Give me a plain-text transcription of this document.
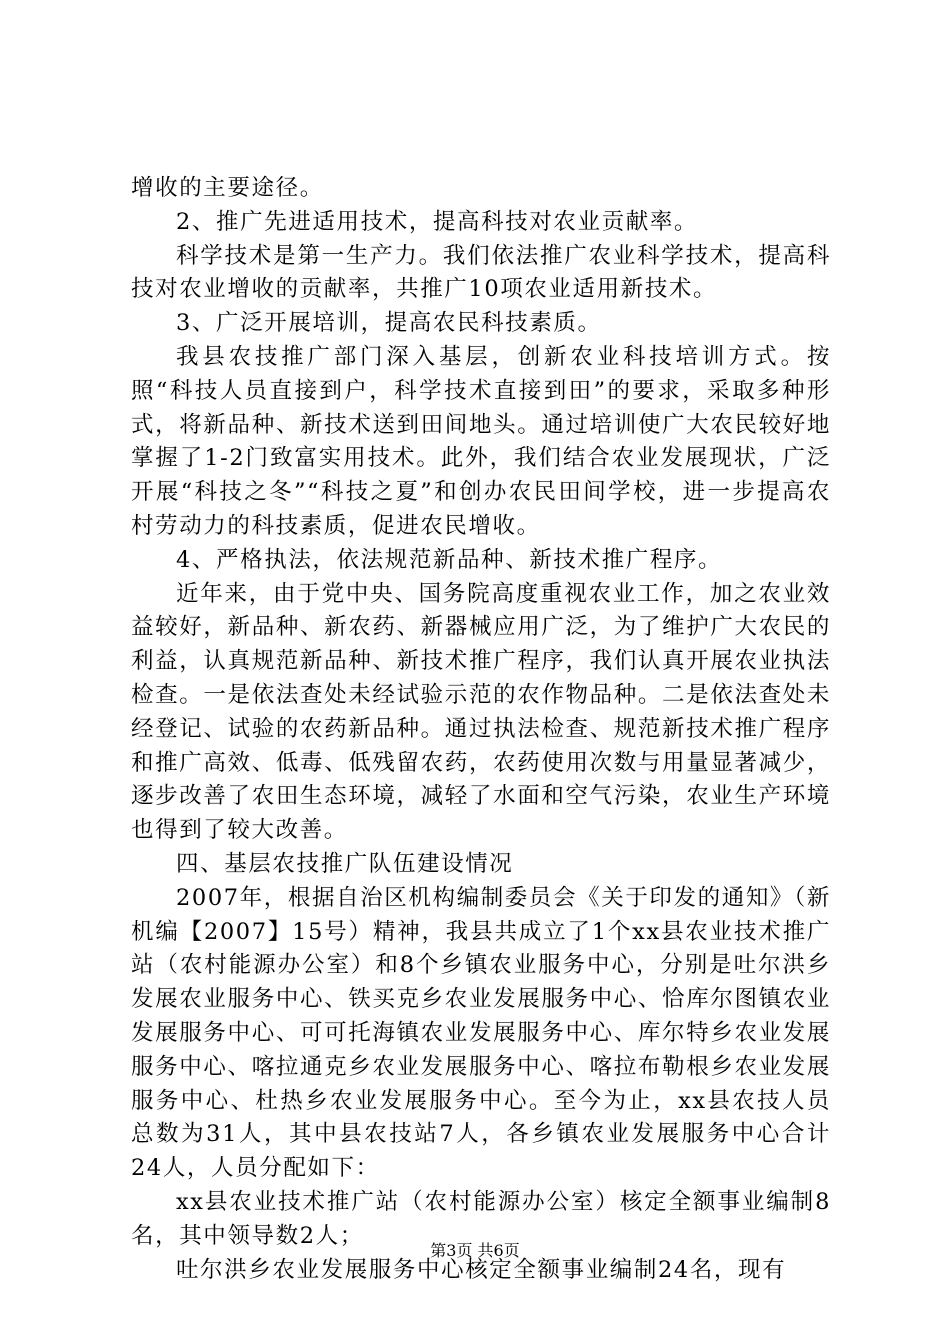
增收的主要途径。

2、推广先进适用技术，提高科技对农业贡献率。

科学技术是第一生产力。我们依法推广农业科学技术，提高科技对农业增收的贡献率，共推广10项农业适用新技术。

3、广泛开展培训，提高农民科技素质。

我县农技推广部门深入基层，创新农业科技培训方式。按照“科技人员直接到户，科学技术直接到田”的要求，采取多种形式，将新品种、新技术送到田间地头。通过培训使广大农民较好地掌握了1-2门致富实用技术。此外，我们结合农业发展现状，广泛开展“科技之冬”“科技之夏”和创办农民田间学校，进一步提高农村劳动力的科技素质，促进农民增收。

4、严格执法，依法规范新品种、新技术推广程序。

近年来，由于党中央、国务院高度重视农业工作，加之农业效益较好，新品种、新农药、新器械应用广泛，为了维护广大农民的利益，认真规范新品种、新技术推广程序，我们认真开展农业执法检查。一是依法查处未经试验示范的农作物品种。二是依法查处未经登记、试验的农药新品种。通过执法检查、规范新技术推广程序和推广高效、低毒、低残留农药，农药使用次数与用量显著减少，逐步改善了农田生态环境，减轻了水面和空气污染，农业生产环境也得到了较大改善。

四、基层农技推广队伍建设情况

2007年，根据自治区机构编制委员会《关于印发的通知》（新机编【2007】15号）精神，我县共成立了1个xx县农业技术推广站（农村能源办公室）和8个乡镇农业服务中心，分别是吐尔洪乡发展农业服务中心、铁买克乡农业发展服务中心、恰库尔图镇农业发展服务中心、可可托海镇农业发展服务中心、库尔特乡农业发展服务中心、喀拉通克乡农业发展服务中心、喀拉布勒根乡农业发展服务中心、杜热乡农业发展服务中心。至今为止，xx县农技人员总数为31人，其中县农技站7人，各乡镇农业发展服务中心合计24人，人员分配如下：

xx县农业技术推广站（农村能源办公室）核定全额事业编制8名，其中领导数2人；

吐尔洪乡农业发展服务中心核定全额事业编制24名，现有

第3页 共6页
